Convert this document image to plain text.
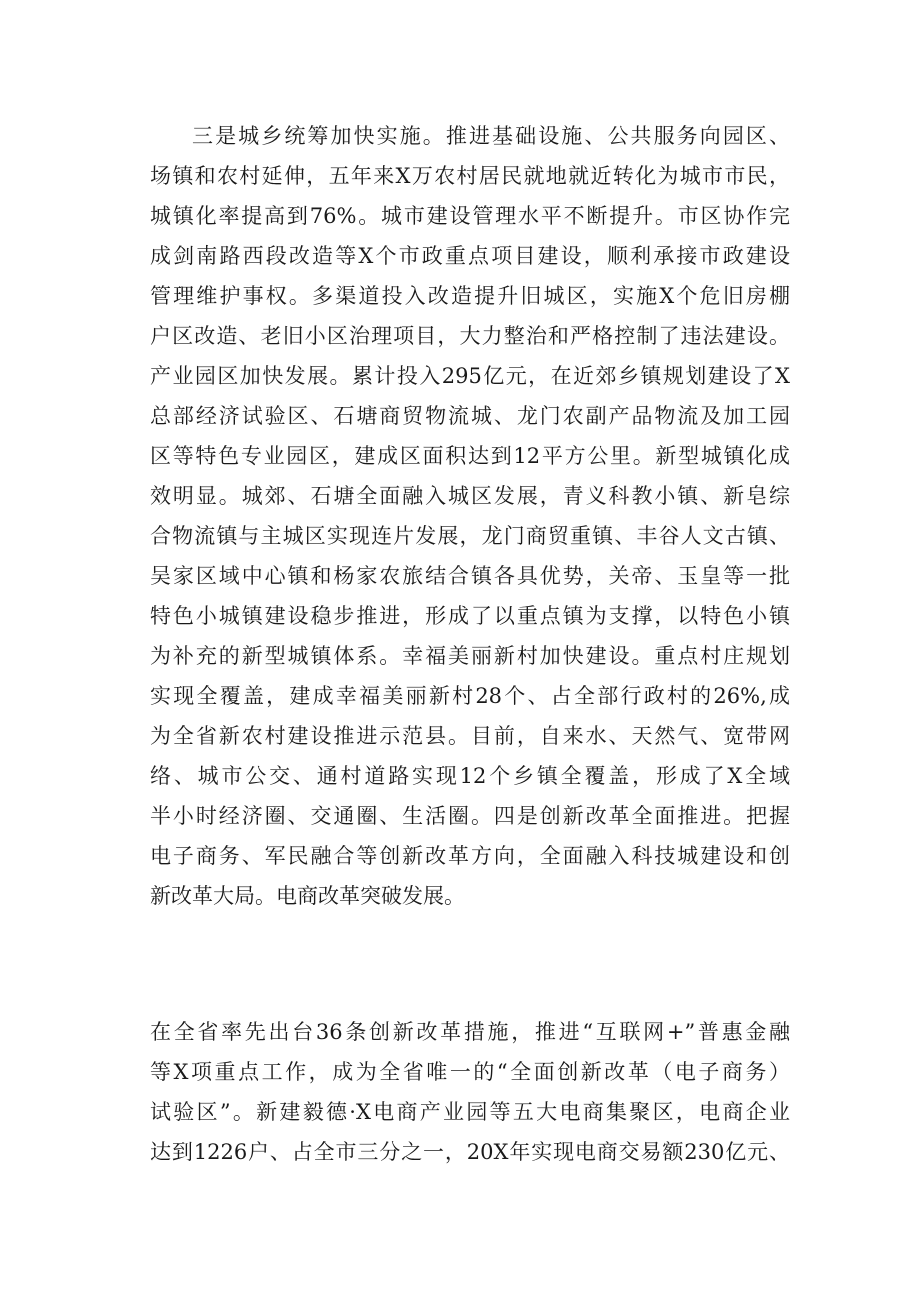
三是城乡统筹加快实施。推进基础设施、公共服务向园区、
场镇和农村延伸，五年来X万农村居民就地就近转化为城市市民，
城镇化率提高到76%。城市建设管理水平不断提升。市区协作完
成剑南路西段改造等X个市政重点项目建设，顺利承接市政建设
管理维护事权。多渠道投入改造提升旧城区，实施X个危旧房棚
户区改造、老旧小区治理项目，大力整治和严格控制了违法建设。
产业园区加快发展。累计投入295亿元，在近郊乡镇规划建设了X
总部经济试验区、石塘商贸物流城、龙门农副产品物流及加工园
区等特色专业园区，建成区面积达到12平方公里。新型城镇化成
效明显。城郊、石塘全面融入城区发展，青义科教小镇、新皂综
合物流镇与主城区实现连片发展，龙门商贸重镇、丰谷人文古镇、
吴家区域中心镇和杨家农旅结合镇各具优势，关帝、玉皇等一批
特色小城镇建设稳步推进，形成了以重点镇为支撑，以特色小镇
为补充的新型城镇体系。幸福美丽新村加快建设。重点村庄规划
实现全覆盖，建成幸福美丽新村28个、占全部行政村的26%,成
为全省新农村建设推进示范县。目前，自来水、天然气、宽带网
络、城市公交、通村道路实现12个乡镇全覆盖，形成了X全域
半小时经济圈、交通圈、生活圈。四是创新改革全面推进。把握
电子商务、军民融合等创新改革方向，全面融入科技城建设和创
新改革大局。电商改革突破发展。
在全省率先出台36条创新改革措施，推进“互联网+”普惠金融
等X项重点工作，成为全省唯一的“全面创新改革（电子商务）
试验区”。新建毅德·X电商产业园等五大电商集聚区，电商企业
达到1226户、占全市三分之一，20X年实现电商交易额230亿元、
